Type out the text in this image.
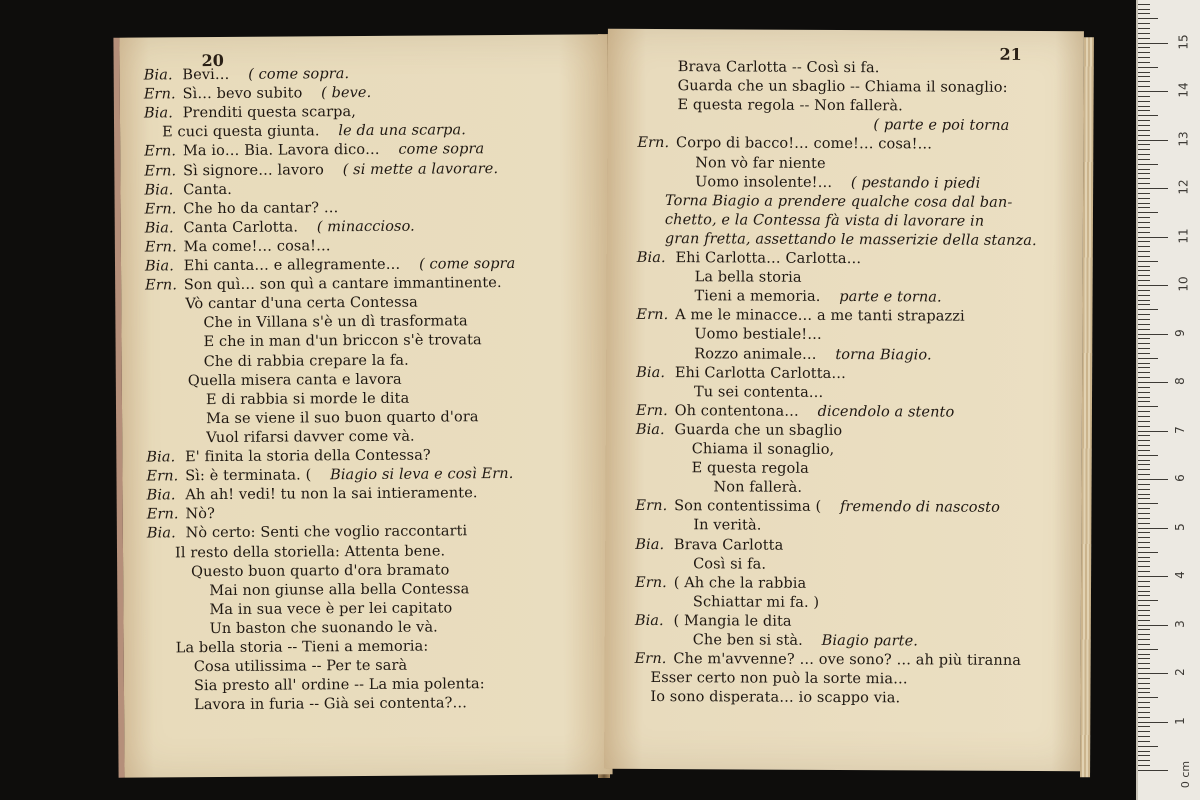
20
Bia. Bevi… ( come sopra.
Ern. Sì… bevo subito ( beve.
Bia. Prenditi questa scarpa,
E cuci questa giunta. le da una scarpa.
Ern. Ma io… Bia. Lavora dico… come sopra
Ern. Sì signore… lavoro ( si mette a lavorare.
Bia. Canta.
Ern. Che ho da cantar? …
Bia. Canta Carlotta. ( minaccioso.
Ern. Ma come!… cosa!…
Bia. Ehi canta… e allegramente… ( come sopra
Ern. Son quì… son quì a cantare immantinente.
Vò cantar d'una certa Contessa
Che in Villana s'è un dì trasformata
E che in man d'un briccon s'è trovata
Che di rabbia crepare la fa.
Quella misera canta e lavora
E di rabbia si morde le dita
Ma se viene il suo buon quarto d'ora
Vuol rifarsi davver come và.
Bia. E' finita la storia della Contessa?
Ern. Sì: è terminata. ( Biagio si leva e così Ern.
Bia. Ah ah! vedi! tu non la sai intieramente.
Ern. Nò?
Bia. Nò certo: Senti che voglio raccontarti
Il resto della storiella: Attenta bene.
Questo buon quarto d'ora bramato
Mai non giunse alla bella Contessa
Ma in sua vece è per lei capitato
Un baston che suonando le và.
La bella storia -- Tieni a memoria:
Cosa utilissima -- Per te sarà
Sia presto all' ordine -- La mia polenta:
Lavora in furia -- Già sei contenta?…
21
Brava Carlotta -- Così si fa.
Guarda che un sbaglio -- Chiama il sonaglio:
E questa regola -- Non fallerà.
( parte e poi torna
Ern. Corpo di bacco!… come!… cosa!…
Non vò far niente
Uomo insolente!… ( pestando i piedi
Torna Biagio a prendere qualche cosa dal ban-
chetto, e la Contessa fà vista di lavorare in
gran fretta, assettando le masserizie della stanza.
Bia. Ehi Carlotta… Carlotta…
La bella storia
Tieni a memoria. parte e torna.
Ern. A me le minacce… a me tanti strapazzi
Uomo bestiale!…
Rozzo animale… torna Biagio.
Bia. Ehi Carlotta Carlotta…
Tu sei contenta…
Ern. Oh contentona… dicendolo a stento
Bia. Guarda che un sbaglio
Chiama il sonaglio,
E questa regola
Non fallerà.
Ern. Son contentissima ( fremendo di nascosto
In verità.
Bia. Brava Carlotta
Così si fa.
Ern. ( Ah che la rabbia
Schiattar mi fa. )
Bia. ( Mangia le dita
Che ben si stà. Biagio parte.
Ern. Che m'avvenne? … ove sono? … ah più tiranna
Esser certo non può la sorte mia…
Io sono disperata… io scappo via.
0 cm
1
2
3
4
5
6
7
8
9
10
11
12
13
14
15
